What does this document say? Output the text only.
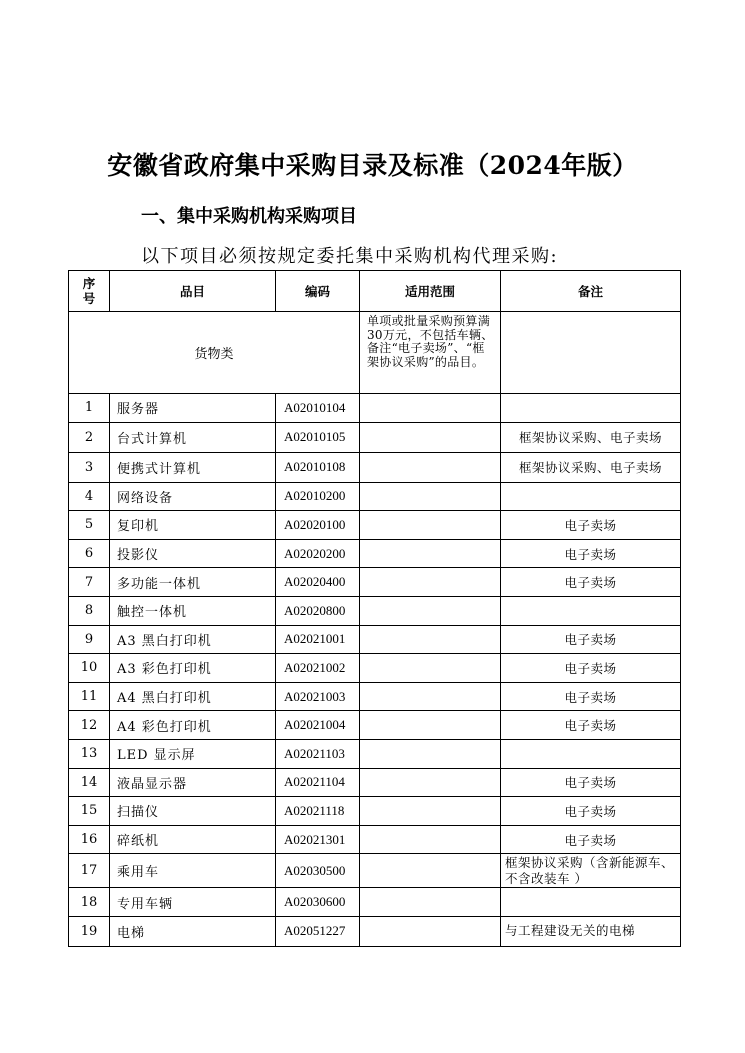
安徽省政府集中采购目录及标准（2024年版）
一、集中采购机构采购项目
以下项目必须按规定委托集中采购机构代理采购:
序号	品目	编码	适用范围	备注
货物类			单项或批量采购预算满30万元，不包括车辆、备注“电子卖场”、“框架协议采购”的品目。	
1	服务器	A02010104		
2	台式计算机	A02010105		框架协议采购、电子卖场
3	便携式计算机	A02010108		框架协议采购、电子卖场
4	网络设备	A02010200		
5	复印机	A02020100		电子卖场
6	投影仪	A02020200		电子卖场
7	多功能一体机	A02020400		电子卖场
8	触控一体机	A02020800		
9	A3 黑白打印机	A02021001		电子卖场
10	A3 彩色打印机	A02021002		电子卖场
11	A4 黑白打印机	A02021003		电子卖场
12	A4 彩色打印机	A02021004		电子卖场
13	LED 显示屏	A02021103		
14	液晶显示器	A02021104		电子卖场
15	扫描仪	A02021118		电子卖场
16	碎纸机	A02021301		电子卖场
17	乘用车	A02030500		框架协议采购（含新能源车、不含改装车 ）
18	专用车辆	A02030600		
19	电梯	A02051227		与工程建设无关的电梯
